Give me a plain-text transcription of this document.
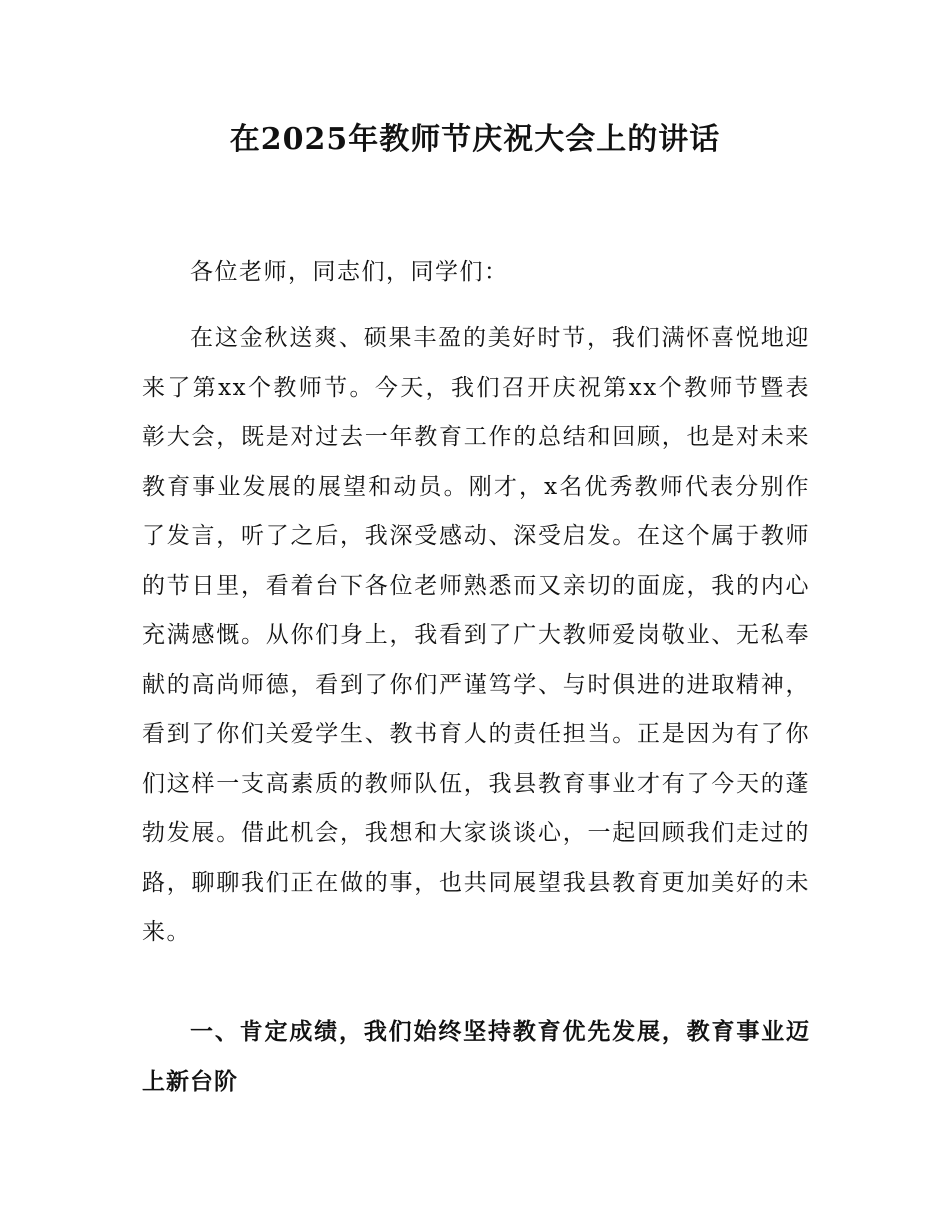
在2025年教师节庆祝大会上的讲话

各位老师，同志们，同学们：

在这金秋送爽、硕果丰盈的美好时节，我们满怀喜悦地迎来了第xx个教师节。今天，我们召开庆祝第xx个教师节暨表彰大会，既是对过去一年教育工作的总结和回顾，也是对未来教育事业发展的展望和动员。刚才，x名优秀教师代表分别作了发言，听了之后，我深受感动、深受启发。在这个属于教师的节日里，看着台下各位老师熟悉而又亲切的面庞，我的内心充满感慨。从你们身上，我看到了广大教师爱岗敬业、无私奉献的高尚师德，看到了你们严谨笃学、与时俱进的进取精神，看到了你们关爱学生、教书育人的责任担当。正是因为有了你们这样一支高素质的教师队伍，我县教育事业才有了今天的蓬勃发展。借此机会，我想和大家谈谈心，一起回顾我们走过的路，聊聊我们正在做的事，也共同展望我县教育更加美好的未来。

一、肯定成绩，我们始终坚持教育优先发展，教育事业迈上新台阶
